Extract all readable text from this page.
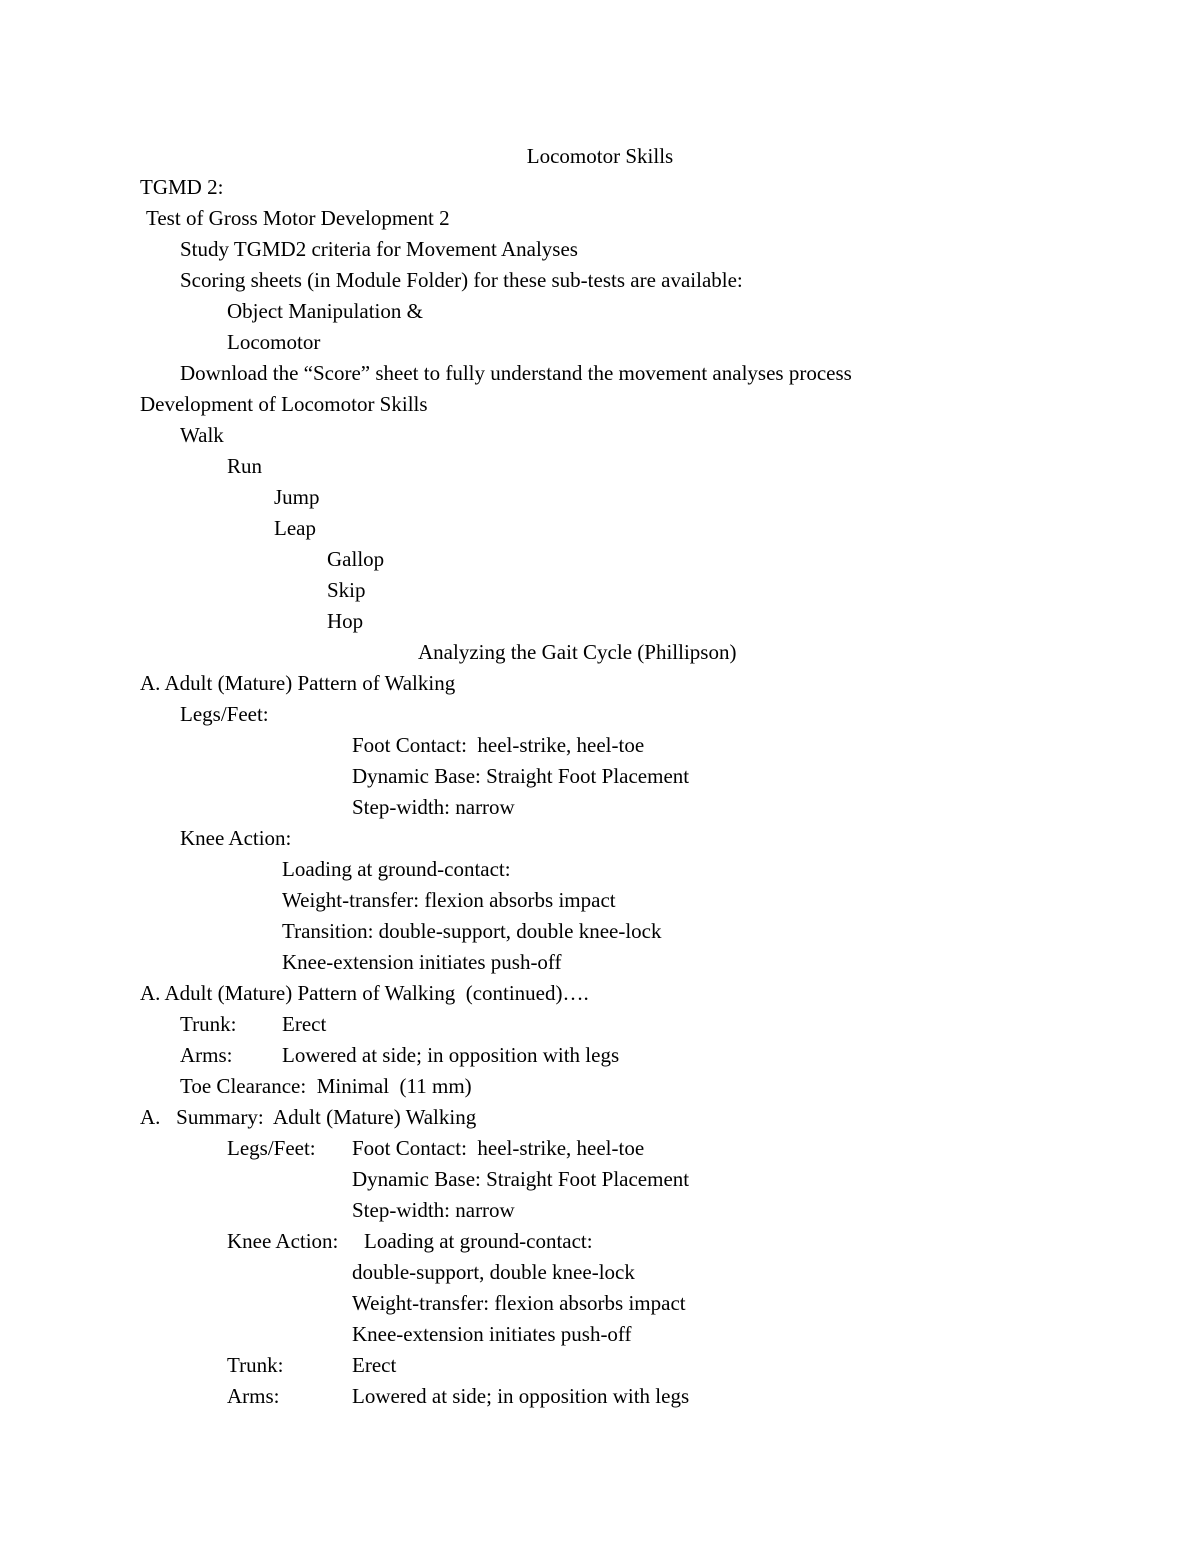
Locomotor Skills

TGMD 2:

Test of Gross Motor Development 2

Study TGMD2 criteria for Movement Analyses

Scoring sheets (in Module Folder) for these sub-tests are available:

Object Manipulation &

Locomotor

Download the “Score” sheet to fully understand the movement analyses process

Development of Locomotor Skills

Walk

Run

Jump

Leap

Gallop

Skip

Hop

Analyzing the Gait Cycle (Phillipson)

A. Adult (Mature) Pattern of Walking

Legs/Feet:

Foot Contact:  heel-strike, heel-toe

Dynamic Base: Straight Foot Placement

Step-width: narrow

Knee Action:

Loading at ground-contact:

Weight-transfer: flexion absorbs impact

Transition: double-support, double knee-lock

Knee-extension initiates push-off

A. Adult (Mature) Pattern of Walking  (continued)….

Trunk: Erect

Arms: Lowered at side; in opposition with legs

Toe Clearance:  Minimal  (11 mm)

A.   Summary:  Adult (Mature) Walking

Legs/Feet: Foot Contact:  heel-strike, heel-toe

Dynamic Base: Straight Foot Placement

Step-width: narrow

Knee Action: Loading at ground-contact:

double-support, double knee-lock

Weight-transfer: flexion absorbs impact

Knee-extension initiates push-off

Trunk:	Erect

Arms:	Lowered at side; in opposition with legs
